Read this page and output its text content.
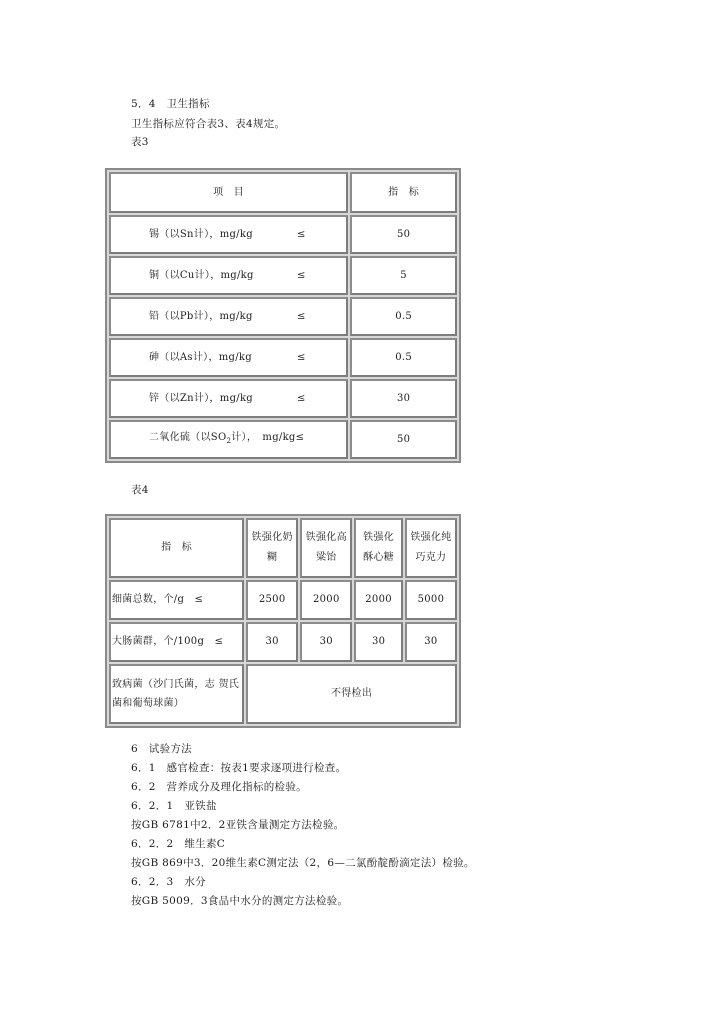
5．4　卫生指标
卫生指标应符合表3、表4规定。
表3
项　目	指　标
锡（以Sn计），mg/kg ≤	50
铜（以Cu计），mg/kg ≤	5
铅（以Pb计），mg/kg ≤	0.5
砷（以As计），mg/kg ≤	0.5
锌（以Zn计），mg/kg ≤	30
二氧化硫（以$SO_2$计），　mg/kg≤	50
表4
指　标	铁强化奶糊	铁强化高粱饴	铁强化酥心糖	铁强化纯巧克力
细菌总数，个/g　≤	2500	2000	2000	5000
大肠菌群，个/100g　≤	30	30	30	30
致病菌（沙门氏菌，志 贺氏菌和葡萄球菌）	不得检出			
6　试验方法
6．1　感官检查：按表1要求逐项进行检查。
6．2　营养成分及理化指标的检验。
6．2．1　亚铁盐
按GB 6781中2．2亚铁含量测定方法检验。
6．2．2　维生素C
按GB 869中3．20维生素C测定法（2，6—二氯酚靛酚滴定法）检验。
6．2．3　水分
按GB 5009．3食品中水分的测定方法检验。
